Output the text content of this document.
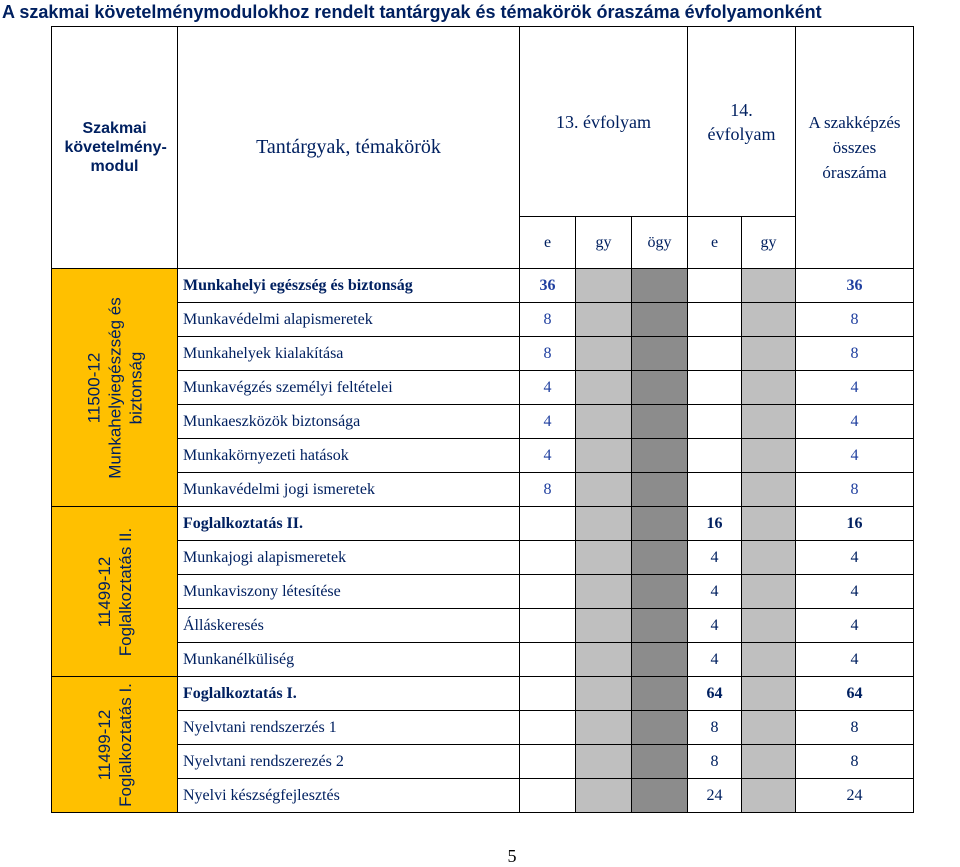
A szakmai követelménymodulokhoz rendelt tantárgyak és témakörök óraszáma évfolyamonként
Szakmai követelmény-modul	Tantárgyak, témakörök	13. évfolyam			14. évfolyam		A szakképzés összes óraszáma

		e	gy	ögy	e	gy	

11500-12 Munkahelyiegészség és biztonság	Munkahelyi egészség és biztonság	36					36
	Munkavédelmi alapismeretek	8					8
	Munkahelyek kialakítása	8					8
	Munkavégzés személyi feltételei	4					4
	Munkaeszközök biztonsága	4					4
	Munkakörnyezeti hatások	4					4
	Munkavédelmi jogi ismeretek	8					8

11499-12 Foglalkoztatás II.	Foglalkoztatás II.				16		16
	Munkajogi alapismeretek				4		4
	Munkaviszony létesítése				4		4
	Álláskeresés				4		4
	Munkanélküliség				4		4

11499-12 Foglalkoztatás I.	Foglalkoztatás I.				64		64
	Nyelvtani rendszerzés 1				8		8
	Nyelvtani rendszerezés 2				8		8
	Nyelvi készségfejlesztés				24		24
5
